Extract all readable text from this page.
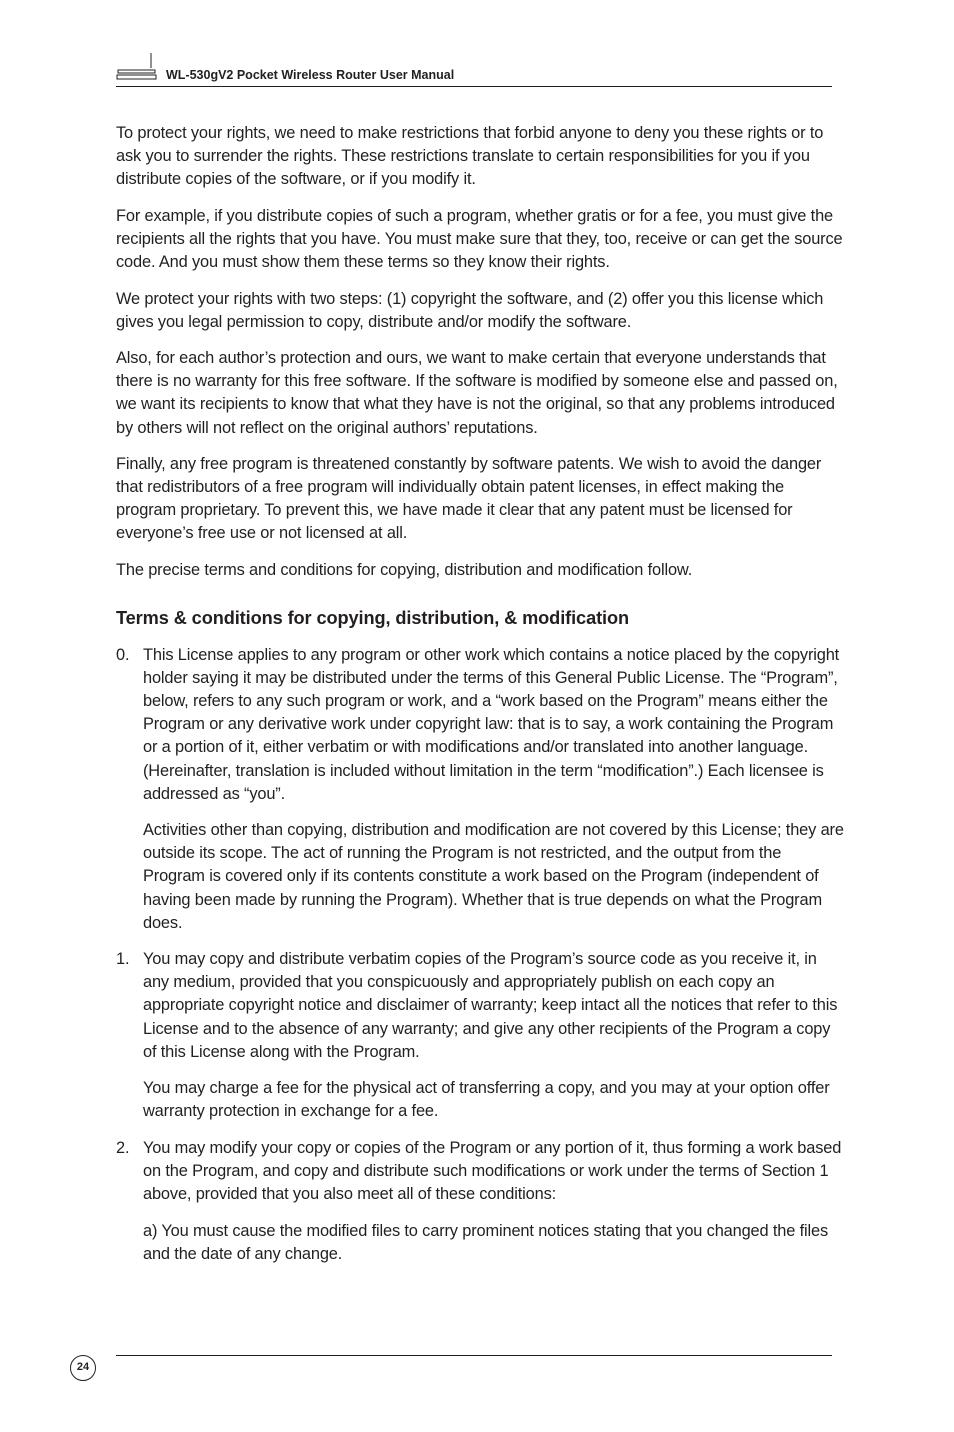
WL-530gV2 Pocket Wireless Router User Manual

To protect your rights, we need to make restrictions that forbid anyone to deny you these rights or to ask you to surrender the rights. These restrictions translate to certain responsibilities for you if you distribute copies of the software, or if you modify it.

For example, if you distribute copies of such a program, whether gratis or for a fee, you must give the recipients all the rights that you have. You must make sure that they, too, receive or can get the source code. And you must show them these terms so they know their rights.

We protect your rights with two steps: (1) copyright the software, and (2) offer you this license which gives you legal permission to copy, distribute and/or modify the software.

Also, for each author’s protection and ours, we want to make certain that everyone understands that there is no warranty for this free software. If the software is modified by someone else and passed on, we want its recipients to know that what they have is not the original, so that any problems introduced by others will not reflect on the original authors’ reputations.

Finally, any free program is threatened constantly by software patents. We wish to avoid the danger that redistributors of a free program will individually obtain patent licenses, in effect making the program proprietary. To prevent this, we have made it clear that any patent must be licensed for everyone’s free use or not licensed at all.

The precise terms and conditions for copying, distribution and modification follow.

Terms & conditions for copying, distribution, & modification

0. This License applies to any program or other work which contains a notice placed by the copyright holder saying it may be distributed under the terms of this General Public License. The “Program”, below, refers to any such program or work, and a “work based on the Program” means either the Program or any derivative work under copyright law: that is to say, a work containing the Program or a portion of it, either verbatim or with modifications and/or translated into another language. (Hereinafter, translation is included without limitation in the term “modification”.) Each licensee is addressed as “you”.

Activities other than copying, distribution and modification are not covered by this License; they are outside its scope. The act of running the Program is not restricted, and the output from the Program is covered only if its contents constitute a work based on the Program (independent of having been made by running the Program). Whether that is true depends on what the Program does.

1. You may copy and distribute verbatim copies of the Program’s source code as you receive it, in any medium, provided that you conspicuously and appropriately publish on each copy an appropriate copyright notice and disclaimer of warranty; keep intact all the notices that refer to this License and to the absence of any warranty; and give any other recipients of the Program a copy of this License along with the Program.

You may charge a fee for the physical act of transferring a copy, and you may at your option offer warranty protection in exchange for a fee.

2. You may modify your copy or copies of the Program or any portion of it, thus forming a work based on the Program, and copy and distribute such modifications or work under the terms of Section 1 above, provided that you also meet all of these conditions:

a) You must cause the modified files to carry prominent notices stating that you changed the files and the date of any change.

24
